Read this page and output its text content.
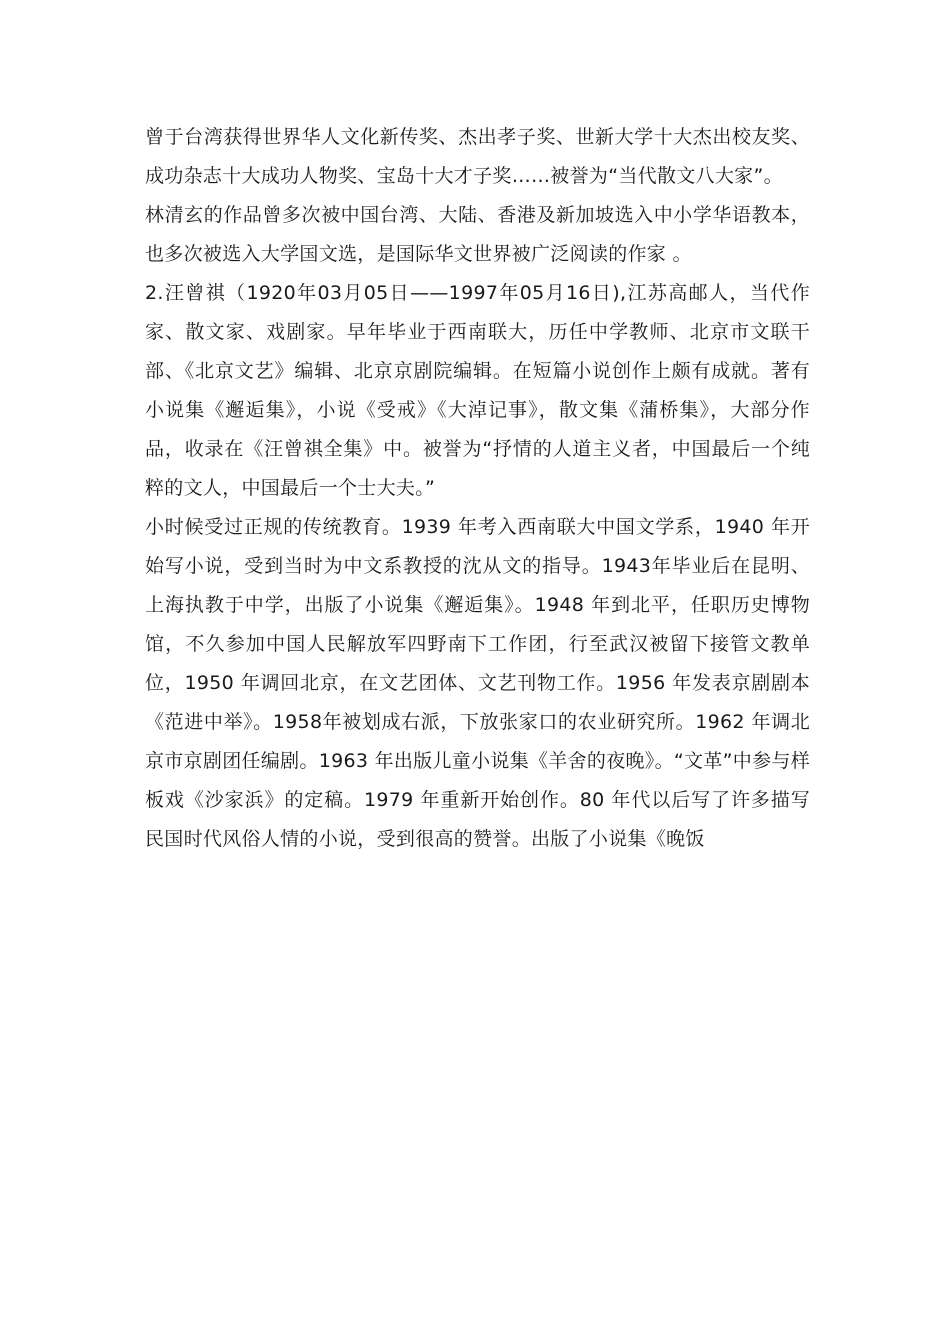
曾于台湾获得世界华人文化新传奖、杰出孝子奖、世新大学十大杰出校友奖、成功杂志十大成功人物奖、宝岛十大才子奖……被誉为“当代散文八大家”。

林清玄的作品曾多次被中国台湾、大陆、香港及新加坡选入中小学华语教本，也多次被选入大学国文选，是国际华文世界被广泛阅读的作家 。

2.汪曾祺（1920年03月05日——1997年05月16日),江苏高邮人，当代作家、散文家、戏剧家。早年毕业于西南联大，历任中学教师、北京市文联干部、《北京文艺》编辑、北京京剧院编辑。在短篇小说创作上颇有成就。著有小说集《邂逅集》，小说《受戒》《大淖记事》，散文集《蒲桥集》，大部分作品，收录在《汪曾祺全集》中。被誉为“抒情的人道主义者，中国最后一个纯粹的文人，中国最后一个士大夫。”

小时候受过正规的传统教育。1939 年考入西南联大中国文学系，1940 年开始写小说，受到当时为中文系教授的沈从文的指导。1943年毕业后在昆明、上海执教于中学，出版了小说集《邂逅集》。1948 年到北平，任职历史博物馆，不久参加中国人民解放军四野南下工作团，行至武汉被留下接管文教单位，1950 年调回北京，在文艺团体、文艺刊物工作。1956 年发表京剧剧本《范进中举》。1958年被划成右派，下放张家口的农业研究所。1962 年调北京市京剧团任编剧。1963 年出版儿童小说集《羊舍的夜晚》。“文革”中参与样板戏《沙家浜》的定稿。1979 年重新开始创作。80 年代以后写了许多描写民国时代风俗人情的小说，受到很高的赞誉。出版了小说集《晚饭
